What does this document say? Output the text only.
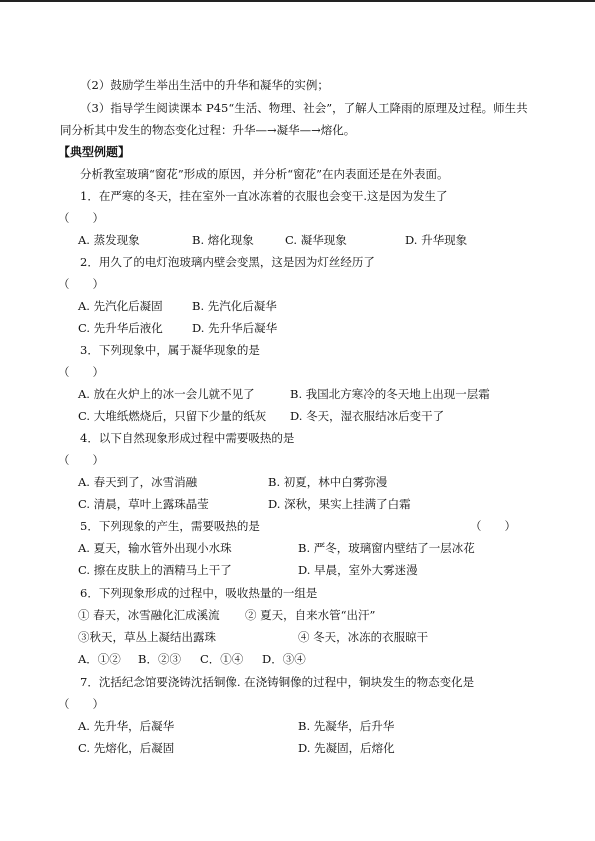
（2）鼓励学生举出生活中的升华和凝华的实例；
（3）指导学生阅读课本 P45“生活、物理、社会”，了解人工降雨的原理及过程。师生共
同分析其中发生的物态变化过程：升华—→凝华—→熔化。
【典型例题】
分析教室玻璃“窗花”形成的原因，并分析“窗花”在内表面还是在外表面。
1．在严寒的冬天，挂在室外一直冰冻着的衣服也会变干.这是因为发生了
（　　）
A. 蒸发现象	B. 熔化现象	C. 凝华现象	D. 升华现象
2．用久了的电灯泡玻璃内壁会变黑，这是因为灯丝经历了
（　　）
A. 先汽化后凝固	B. 先汽化后凝华
C. 先升华后液化	D. 先升华后凝华
3．下列现象中，属于凝华现象的是
（　　）
A. 放在火炉上的冰一会儿就不见了	B. 我国北方寒冷的冬天地上出现一层霜
C. 大堆纸燃烧后，只留下少量的纸灰 D. 冬天，湿衣服结冰后变干了
4．以下自然现象形成过程中需要吸热的是
（　　）
A. 春天到了，冰雪消融	B. 初夏，林中白雾弥漫
C. 清晨，草叶上露珠晶莹	D. 深秋，果实上挂满了白霜
5．下列现象的产生，需要吸热的是	（　　）
A. 夏天，输水管外出现小水珠	B. 严冬，玻璃窗内壁结了一层冰花
C. 擦在皮肤上的酒精马上干了	D. 早晨，室外大雾迷漫
6．下列现象形成的过程中，吸收热量的一组是
① 春天，冰雪融化汇成溪流 ② 夏天，自来水管“出汗”
③秋天，草丛上凝结出露珠	④ 冬天，冰冻的衣服晾干
A．①② B．②③ C．①④ D．③④
7．沈括纪念馆要浇铸沈括铜像. 在浇铸铜像的过程中，铜块发生的物态变化是
（　　）
A. 先升华，后凝华	B. 先凝华，后升华
C. 先熔化，后凝固	D. 先凝固，后熔化
